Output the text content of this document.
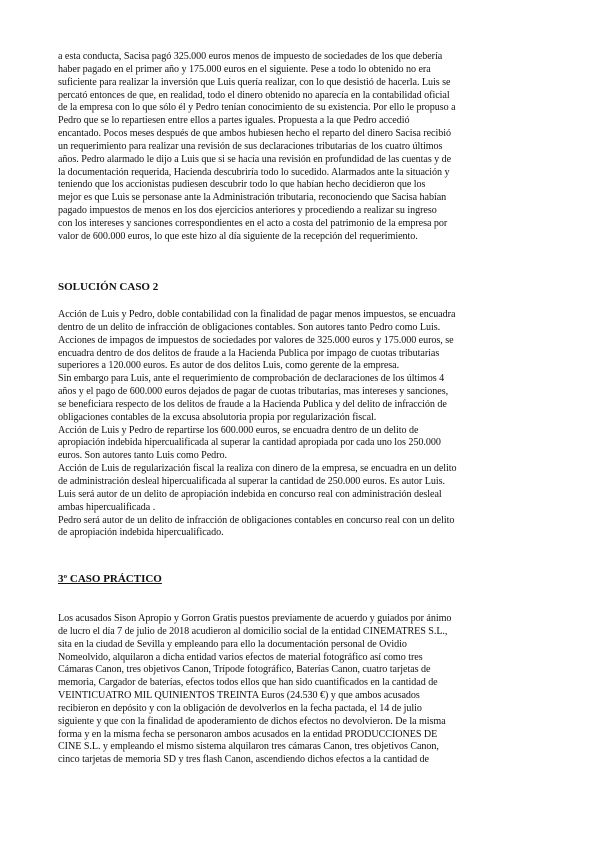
a esta conducta, Sacisa pagó 325.000 euros menos de impuesto de sociedades de los que debería
haber pagado en el primer año y 175.000 euros en el siguiente. Pese a todo lo obtenido no era
suficiente para realizar la inversión que Luis quería realizar, con lo que desistió de hacerla. Luis se
percató entonces de que, en realidad, todo el dinero obtenido no aparecía en la contabilidad oficial
de la empresa con lo que sólo él y Pedro tenían conocimiento de su existencia. Por ello le propuso a
Pedro que se lo repartiesen entre ellos a partes iguales. Propuesta a la que Pedro accedió
encantado. Pocos meses después de que ambos hubiesen hecho el reparto del dinero Sacisa recibió
un requerimiento para realizar una revisión de sus declaraciones tributarias de los cuatro últimos
años. Pedro alarmado le dijo a Luis que si se hacía una revisión en profundidad de las cuentas y de
la documentación requerida, Hacienda descubriría todo lo sucedido. Alarmados ante la situación y
teniendo que los accionistas pudiesen descubrir todo lo que habían hecho decidieron que los
mejor es que Luis se personase ante la Administración tributaria, reconociendo que Sacisa habían
pagado impuestos de menos en los dos ejercicios anteriores y procediendo a realizar su ingreso
con los intereses y sanciones correspondientes en el acto a costa del patrimonio de la empresa por
valor de 600.000 euros, lo que este hizo al día siguiente de la recepción del requerimiento.

SOLUCIÓN CASO 2

Acción de Luis y Pedro, doble contabilidad con la finalidad de pagar menos impuestos, se encuadra
dentro de un delito de infracción de obligaciones contables. Son autores tanto Pedro como Luis.
Acciones de impagos de impuestos de sociedades por valores de 325.000 euros y 175.000 euros, se
encuadra dentro de dos delitos de fraude a la Hacienda Publica por impago de cuotas tributarias
superiores a 120.000 euros. Es autor de dos delitos Luis, como gerente de la empresa.
Sin embargo para Luis, ante el requerimiento de comprobación de declaraciones de los últimos 4
años y el pago de 600.000 euros dejados de pagar de cuotas tributarias, mas intereses y sanciones,
se beneficiara respecto de los delitos de fraude a la Hacienda Publica y del delito de infracción de
obligaciones contables de la excusa absolutoria propia por regularización fiscal.
Acción de Luis y Pedro de repartirse los 600.000 euros, se encuadra dentro de un delito de
apropiación indebida hipercualificada al superar la cantidad apropiada por cada uno los 250.000
euros. Son autores tanto Luis como Pedro.
Acción de Luis de regularización fiscal la realiza con dinero de la empresa, se encuadra en un delito
de administración desleal hipercualificada al superar la cantidad de 250.000 euros. Es autor Luis.
Luis será autor de un delito de apropiación indebida en concurso real con administración desleal
ambas hipercualificada .
Pedro será autor de un delito de infracción de obligaciones contables en concurso real con un delito
de apropiación indebida hipercualificado.

3º CASO PRÁCTICO

Los acusados Sison Apropio y Gorron Gratis puestos previamente de acuerdo y guiados por ánimo
de lucro el día 7 de julio de 2018 acudieron al domicilio social de la entidad CINEMATRES S.L.,
sita en la ciudad de Sevilla y empleando para ello la documentación personal de Ovidio
Nomeolvido, alquilaron a dicha entidad varios efectos de material fotográfico así como tres
Cámaras Canon, tres objetivos Canon, Trípode fotográfico, Baterías Canon, cuatro tarjetas de
memoria, Cargador de baterías, efectos todos ellos que han sido cuantificados en la cantidad de
VEINTICUATRO MIL QUINIENTOS TREINTA Euros (24.530 €) y que ambos acusados
recibieron en depósito y con la obligación de devolverlos en la fecha pactada, el 14 de julio
siguiente y que con la finalidad de apoderamiento de dichos efectos no devolvieron. De la misma
forma y en la misma fecha se personaron ambos acusados en la entidad PRODUCCIONES DE
CINE S.L. y empleando el mismo sistema alquilaron tres cámaras Canon, tres objetivos Canon,
cinco tarjetas de memoria SD y tres flash Canon, ascendiendo dichos efectos a la cantidad de
